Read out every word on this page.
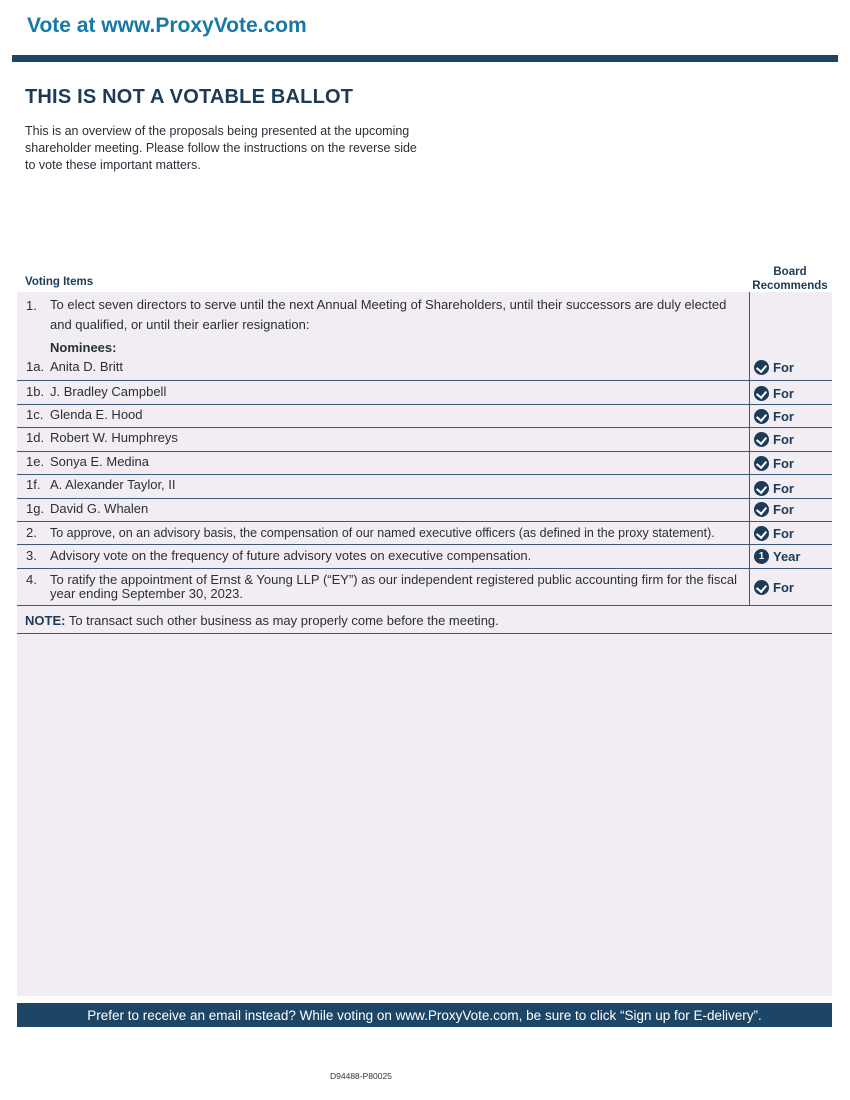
Vote at www.ProxyVote.com
THIS IS NOT A VOTABLE BALLOT
This is an overview of the proposals being presented at the upcoming shareholder meeting. Please follow the instructions on the reverse side to vote these important matters.
Voting Items
Board Recommends
1. To elect seven directors to serve until the next Annual Meeting of Shareholders, until their successors are duly elected and qualified, or until their earlier resignation:
Nominees:
1a. Anita D. Britt	For
1b. J. Bradley Campbell	For
1c. Glenda E. Hood	For
1d. Robert W. Humphreys	For
1e. Sonya E. Medina	For
1f. A. Alexander Taylor, II	For
1g. David G. Whalen	For
2. To approve, on an advisory basis, the compensation of our named executive officers (as defined in the proxy statement).	For
3. Advisory vote on the frequency of future advisory votes on executive compensation.	1 Year
4. To ratify the appointment of Ernst & Young LLP (“EY”) as our independent registered public accounting firm for the fiscal year ending September 30, 2023.	For
NOTE: To transact such other business as may properly come before the meeting.
Prefer to receive an email instead? While voting on www.ProxyVote.com, be sure to click “Sign up for E-delivery”.
D94488-P80025
